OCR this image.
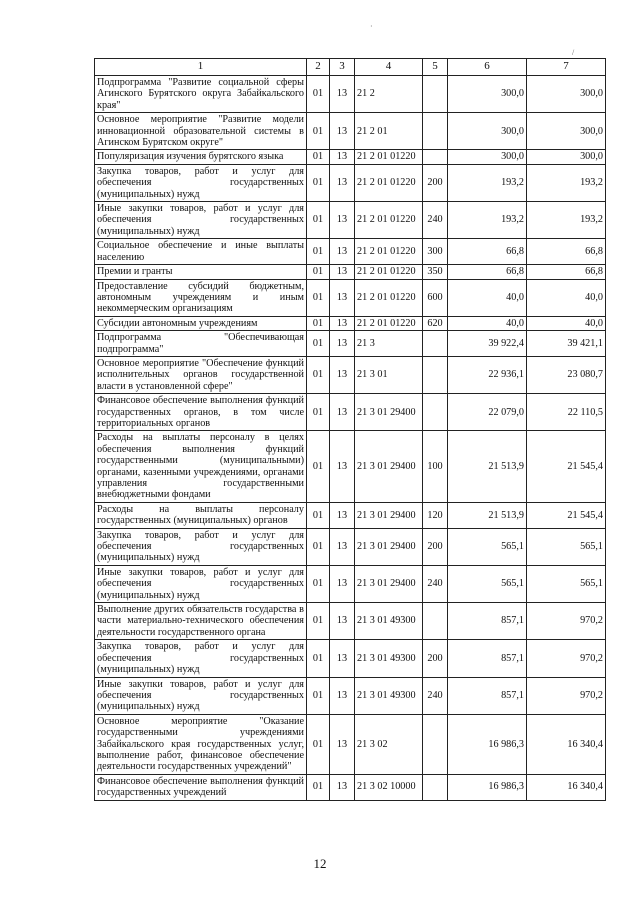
1	2	3	4	5	6	7
Подпрограмма "Развитие социальной сферы Агинского Бурятского округа Забайкальского края"	01	13	21 2		300,0	300,0
Основное мероприятие "Развитие модели инновационной образовательной системы в Агинском Бурятском округе"	01	13	21 2 01		300,0	300,0
Популяризация изучения бурятского языка	01	13	21 2 01 01220		300,0	300,0
Закупка товаров, работ и услуг для обеспечения государственных (муниципальных) нужд	01	13	21 2 01 01220	200	193,2	193,2
Иные закупки товаров, работ и услуг для обеспечения государственных (муниципальных) нужд	01	13	21 2 01 01220	240	193,2	193,2
Социальное обеспечение и иные выплаты населению	01	13	21 2 01 01220	300	66,8	66,8
Премии и гранты	01	13	21 2 01 01220	350	66,8	66,8
Предоставление субсидий бюджетным, автономным учреждениям и иным некоммерческим организациям	01	13	21 2 01 01220	600	40,0	40,0
Субсидии автономным учреждениям	01	13	21 2 01 01220	620	40,0	40,0
Подпрограмма "Обеспечивающая подпрограмма"	01	13	21 3		39 922,4	39 421,1
Основное мероприятие "Обеспечение функций исполнительных органов государственной власти в установленной сфере"	01	13	21 3 01		22 936,1	23 080,7
Финансовое обеспечение выполнения функций государственных органов, в том числе территориальных органов	01	13	21 3 01 29400		22 079,0	22 110,5
Расходы на выплаты персоналу в целях обеспечения выполнения функций государственными (муниципальными) органами, казенными учреждениями, органами управления государственными внебюджетными фондами	01	13	21 3 01 29400	100	21 513,9	21 545,4
Расходы на выплаты персоналу государственных (муниципальных) органов	01	13	21 3 01 29400	120	21 513,9	21 545,4
Закупка товаров, работ и услуг для обеспечения государственных (муниципальных) нужд	01	13	21 3 01 29400	200	565,1	565,1
Иные закупки товаров, работ и услуг для обеспечения государственных (муниципальных) нужд	01	13	21 3 01 29400	240	565,1	565,1
Выполнение других обязательств государства в части материально-технического обеспечения деятельности государственного органа	01	13	21 3 01 49300		857,1	970,2
Закупка товаров, работ и услуг для обеспечения государственных (муниципальных) нужд	01	13	21 3 01 49300	200	857,1	970,2
Иные закупки товаров, работ и услуг для обеспечения государственных (муниципальных) нужд	01	13	21 3 01 49300	240	857,1	970,2
Основное мероприятие "Оказание государственными учреждениями Забайкальского края государственных услуг, выполнение работ, финансовое обеспечение деятельности государственных учреждений"	01	13	21 3 02		16 986,3	16 340,4
Финансовое обеспечение выполнения функций государственных учреждений	01	13	21 3 02 10000		16 986,3	16 340,4
12
·
/
